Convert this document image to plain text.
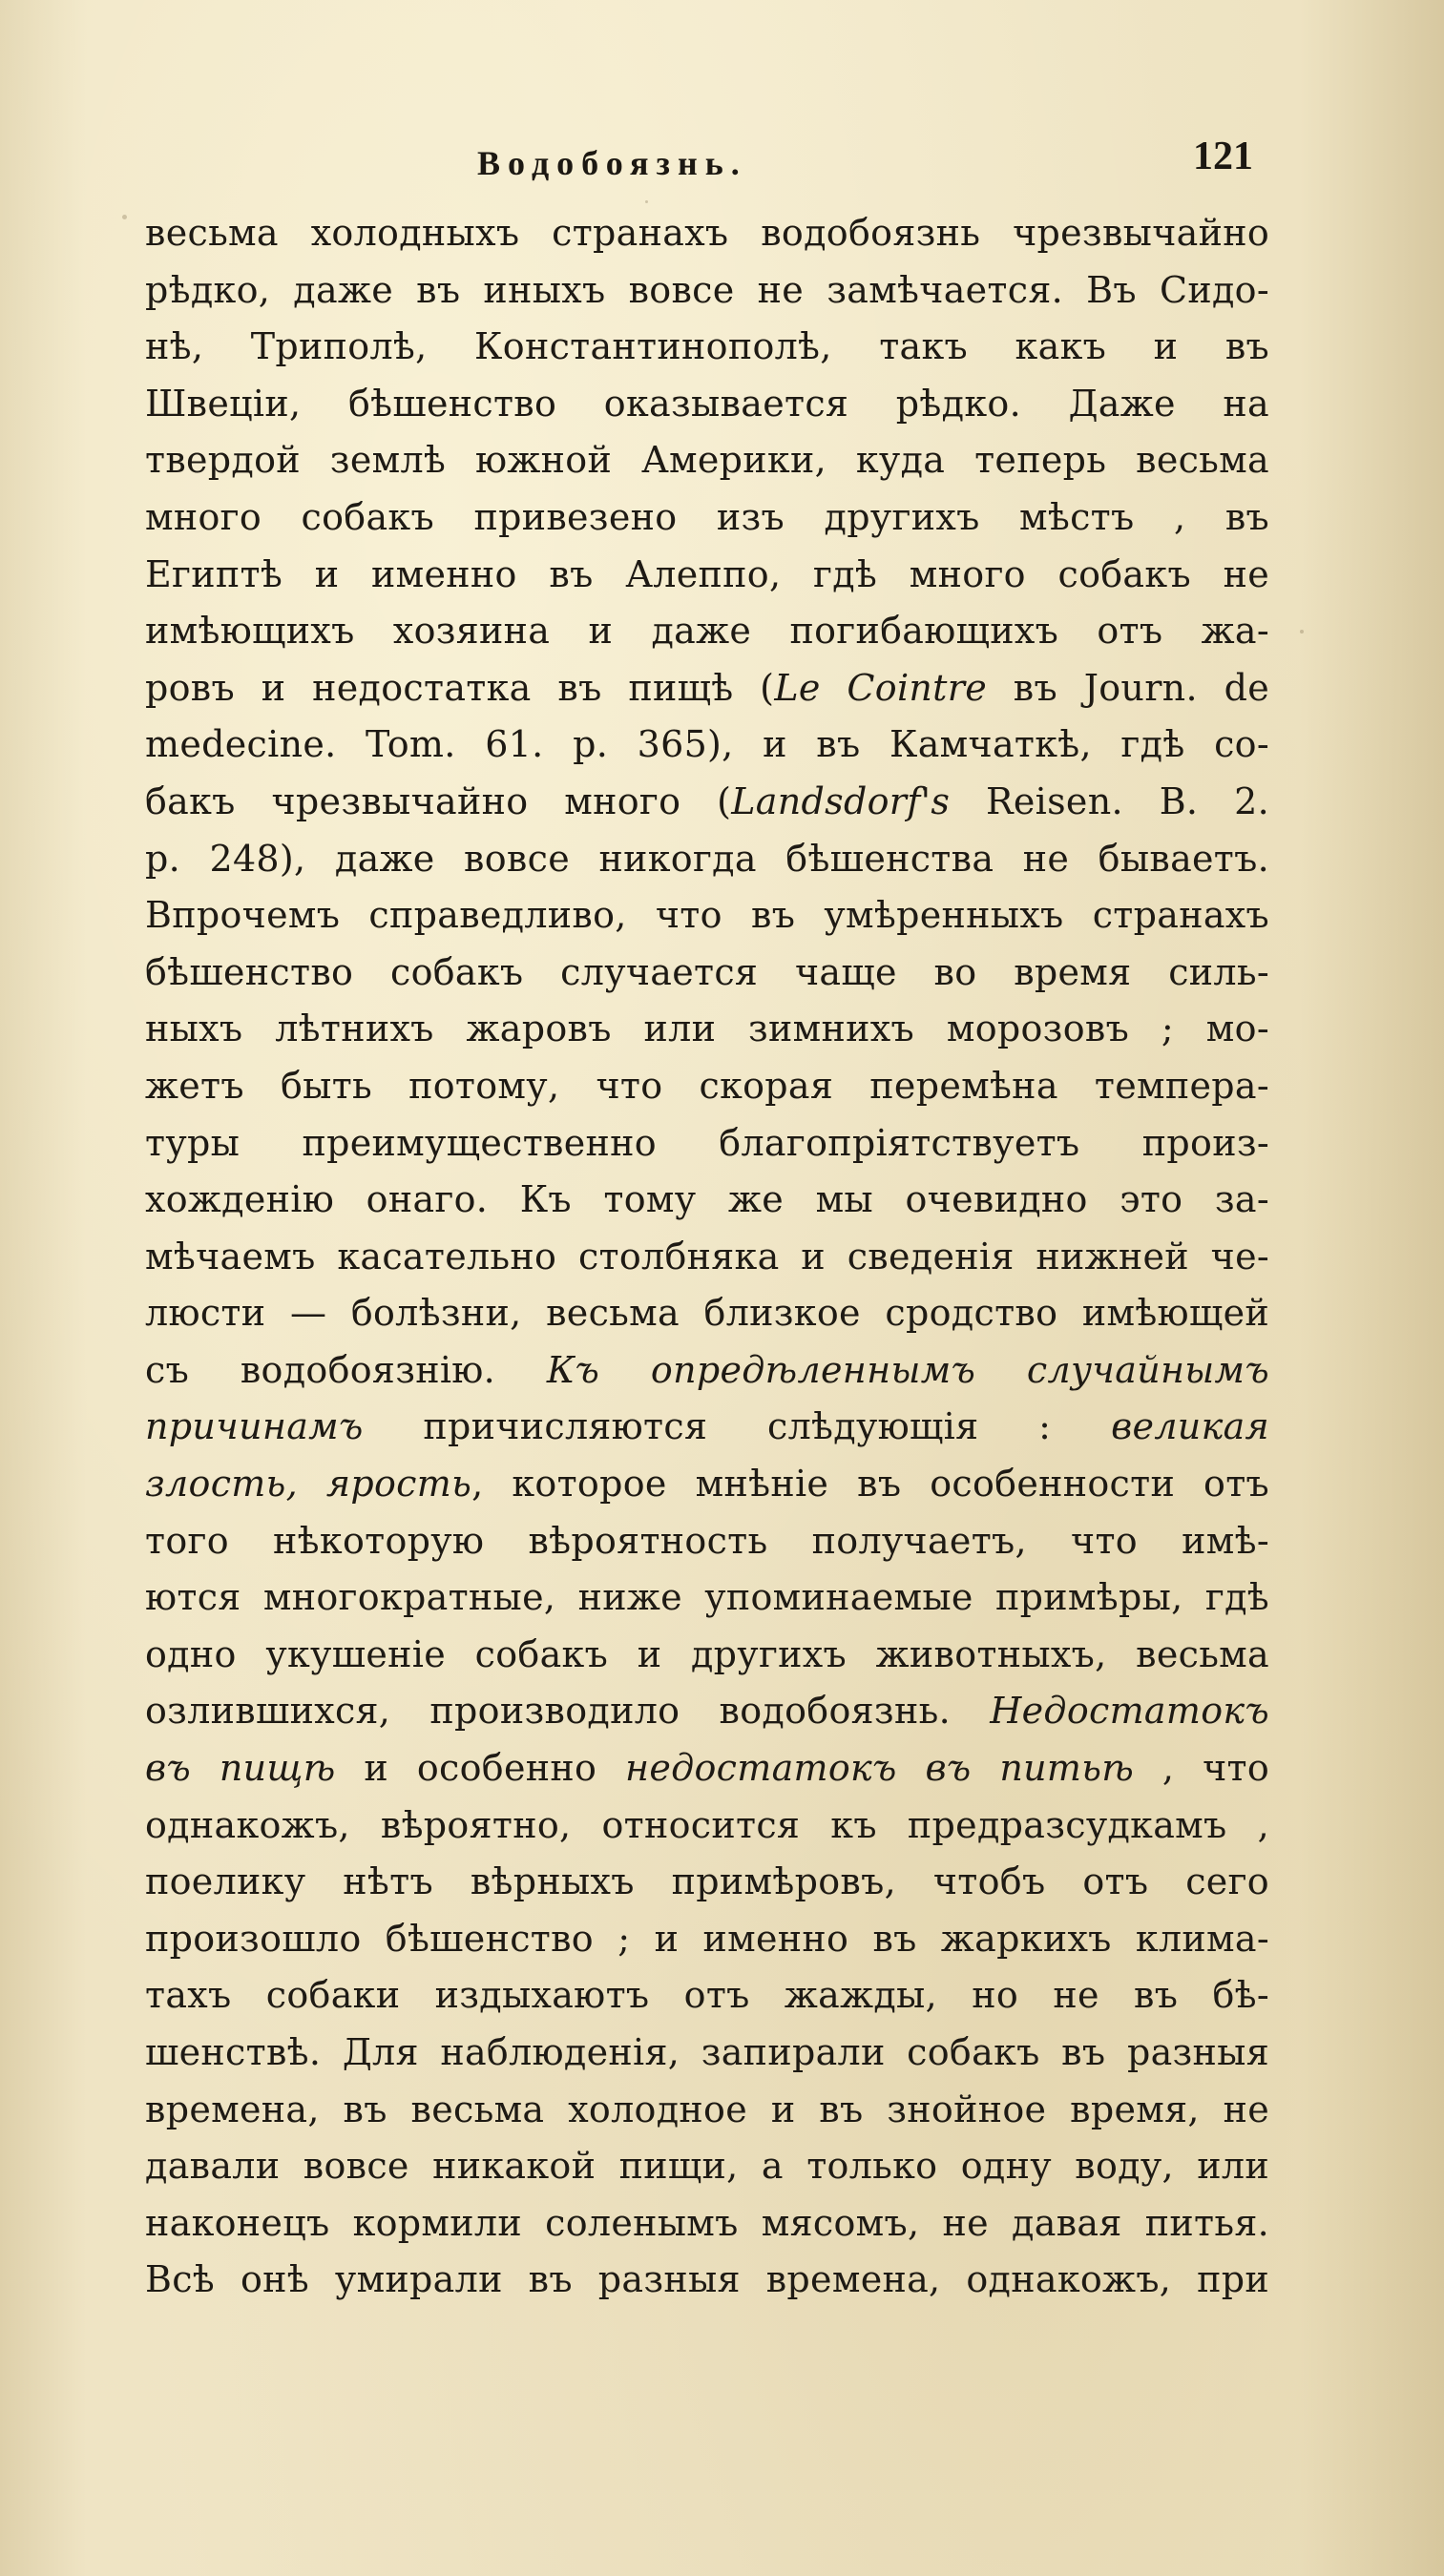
Водобоязнь.	121
весьма холодныхъ странахъ водобоязнь чрезвычайно
рѣдко, даже въ иныхъ вовсе не замѣчается. Въ Сидо-
нѣ, Триполѣ, Константинополѣ, такъ какъ и въ
Швеціи, бѣшенство оказывается рѣдко. Даже на
твердой землѣ южной Америки, куда теперь весьма
много собакъ привезено изъ другихъ мѣстъ , въ
Египтѣ и именно въ Алеппо, гдѣ много собакъ не
имѣющихъ хозяина и даже погибающихъ отъ жа-
ровъ и недостатка въ пищѣ (Le Cointre въ Journ. de
medecine. Tom. 61. p. 365), и въ Камчаткѣ, гдѣ со-
бакъ чрезвычайно много (Landsdorf's Reisen. B. 2.
p. 248), даже вовсе никогда бѣшенства не бываетъ.
Впрочемъ справедливо, что въ умѣренныхъ странахъ
бѣшенство собакъ случается чаще во время силь-
ныхъ лѣтнихъ жаровъ или зимнихъ морозовъ ; мо-
жетъ быть потому, что скорая перемѣна темпера-
туры преимущественно благопріятствуетъ произ-
хожденію онаго. Къ тому же мы очевидно это за-
мѣчаемъ касательно столбняка и сведенія нижней че-
люсти — болѣзни, весьма близкое сродство имѣющей
съ водобоязнію. Къ опредѣленнымъ случайнымъ
причинамъ причисляются слѣдующія : великая
злость, ярость, которое мнѣніе въ особенности отъ
того нѣкоторую вѣроятность получаетъ, что имѣ-
ются многократные, ниже упоминаемые примѣры, гдѣ
одно укушеніе собакъ и другихъ животныхъ, весьма
озлившихся, производило водобоязнь. Недостатокъ
въ пищѣ и особенно недостатокъ въ питьѣ , что
однакожъ, вѣроятно, относится къ предразсудкамъ ,
поелику нѣтъ вѣрныхъ примѣровъ, чтобъ отъ сего
произошло бѣшенство ; и именно въ жаркихъ клима-
тахъ собаки издыхаютъ отъ жажды, но не въ бѣ-
шенствѣ. Для наблюденія, запирали собакъ въ разныя
времена, въ весьма холодное и въ знойное время, не
давали вовсе никакой пищи, а только одну воду, или
наконецъ кормили соленымъ мясомъ, не давая питья.
Всѣ онѣ умирали въ разныя времена, однакожъ, при
